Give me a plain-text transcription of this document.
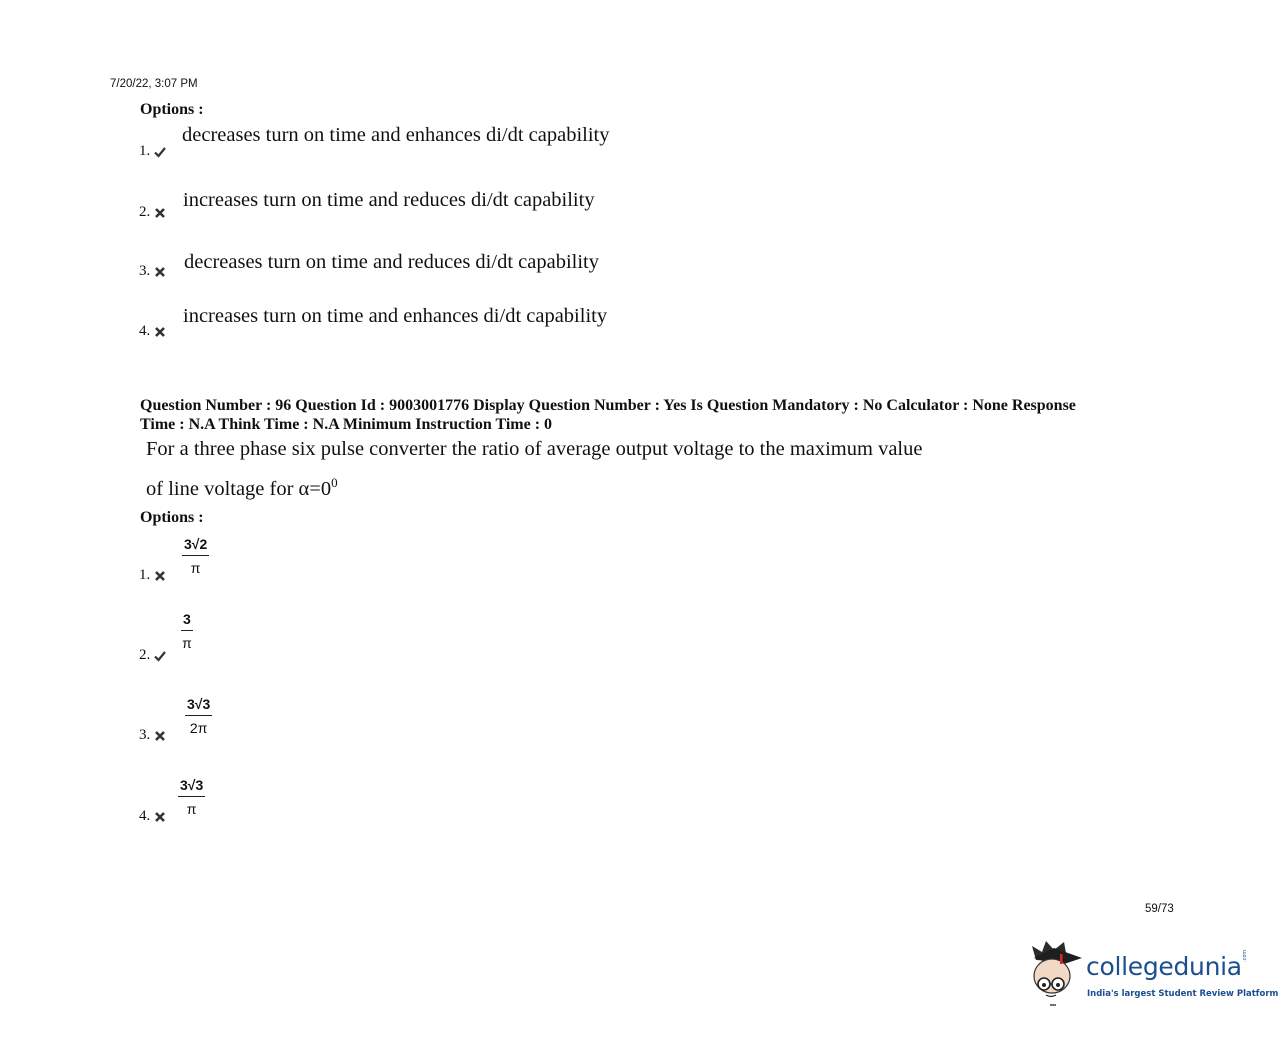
7/20/22, 3:07 PM
Options :
1.
decreases turn on time and enhances di/dt capability
2.
increases turn on time and reduces di/dt capability
3.	decreases turn on time and reduces di/dt capability
4.
increases turn on time and enhances di/dt capability
Question Number : 96 Question Id : 9003001776 Display Question Number : Yes Is Question Mandatory : No Calculator : None Response
Time : N.A Think Time : N.A Minimum Instruction Time : 0
For a three phase six pulse converter the ratio of average output voltage to the maximum value
of line voltage for $\alpha=0^0$
Options :
1.	$\frac{3√2}{\pi}$
2.
$\frac{3}{\pi}$
3.	$\frac{3√3}{2\pi}$
4.	$\frac{3√3}{\pi}$
59/73
collegedunia .com
India's largest Student Review Platform
